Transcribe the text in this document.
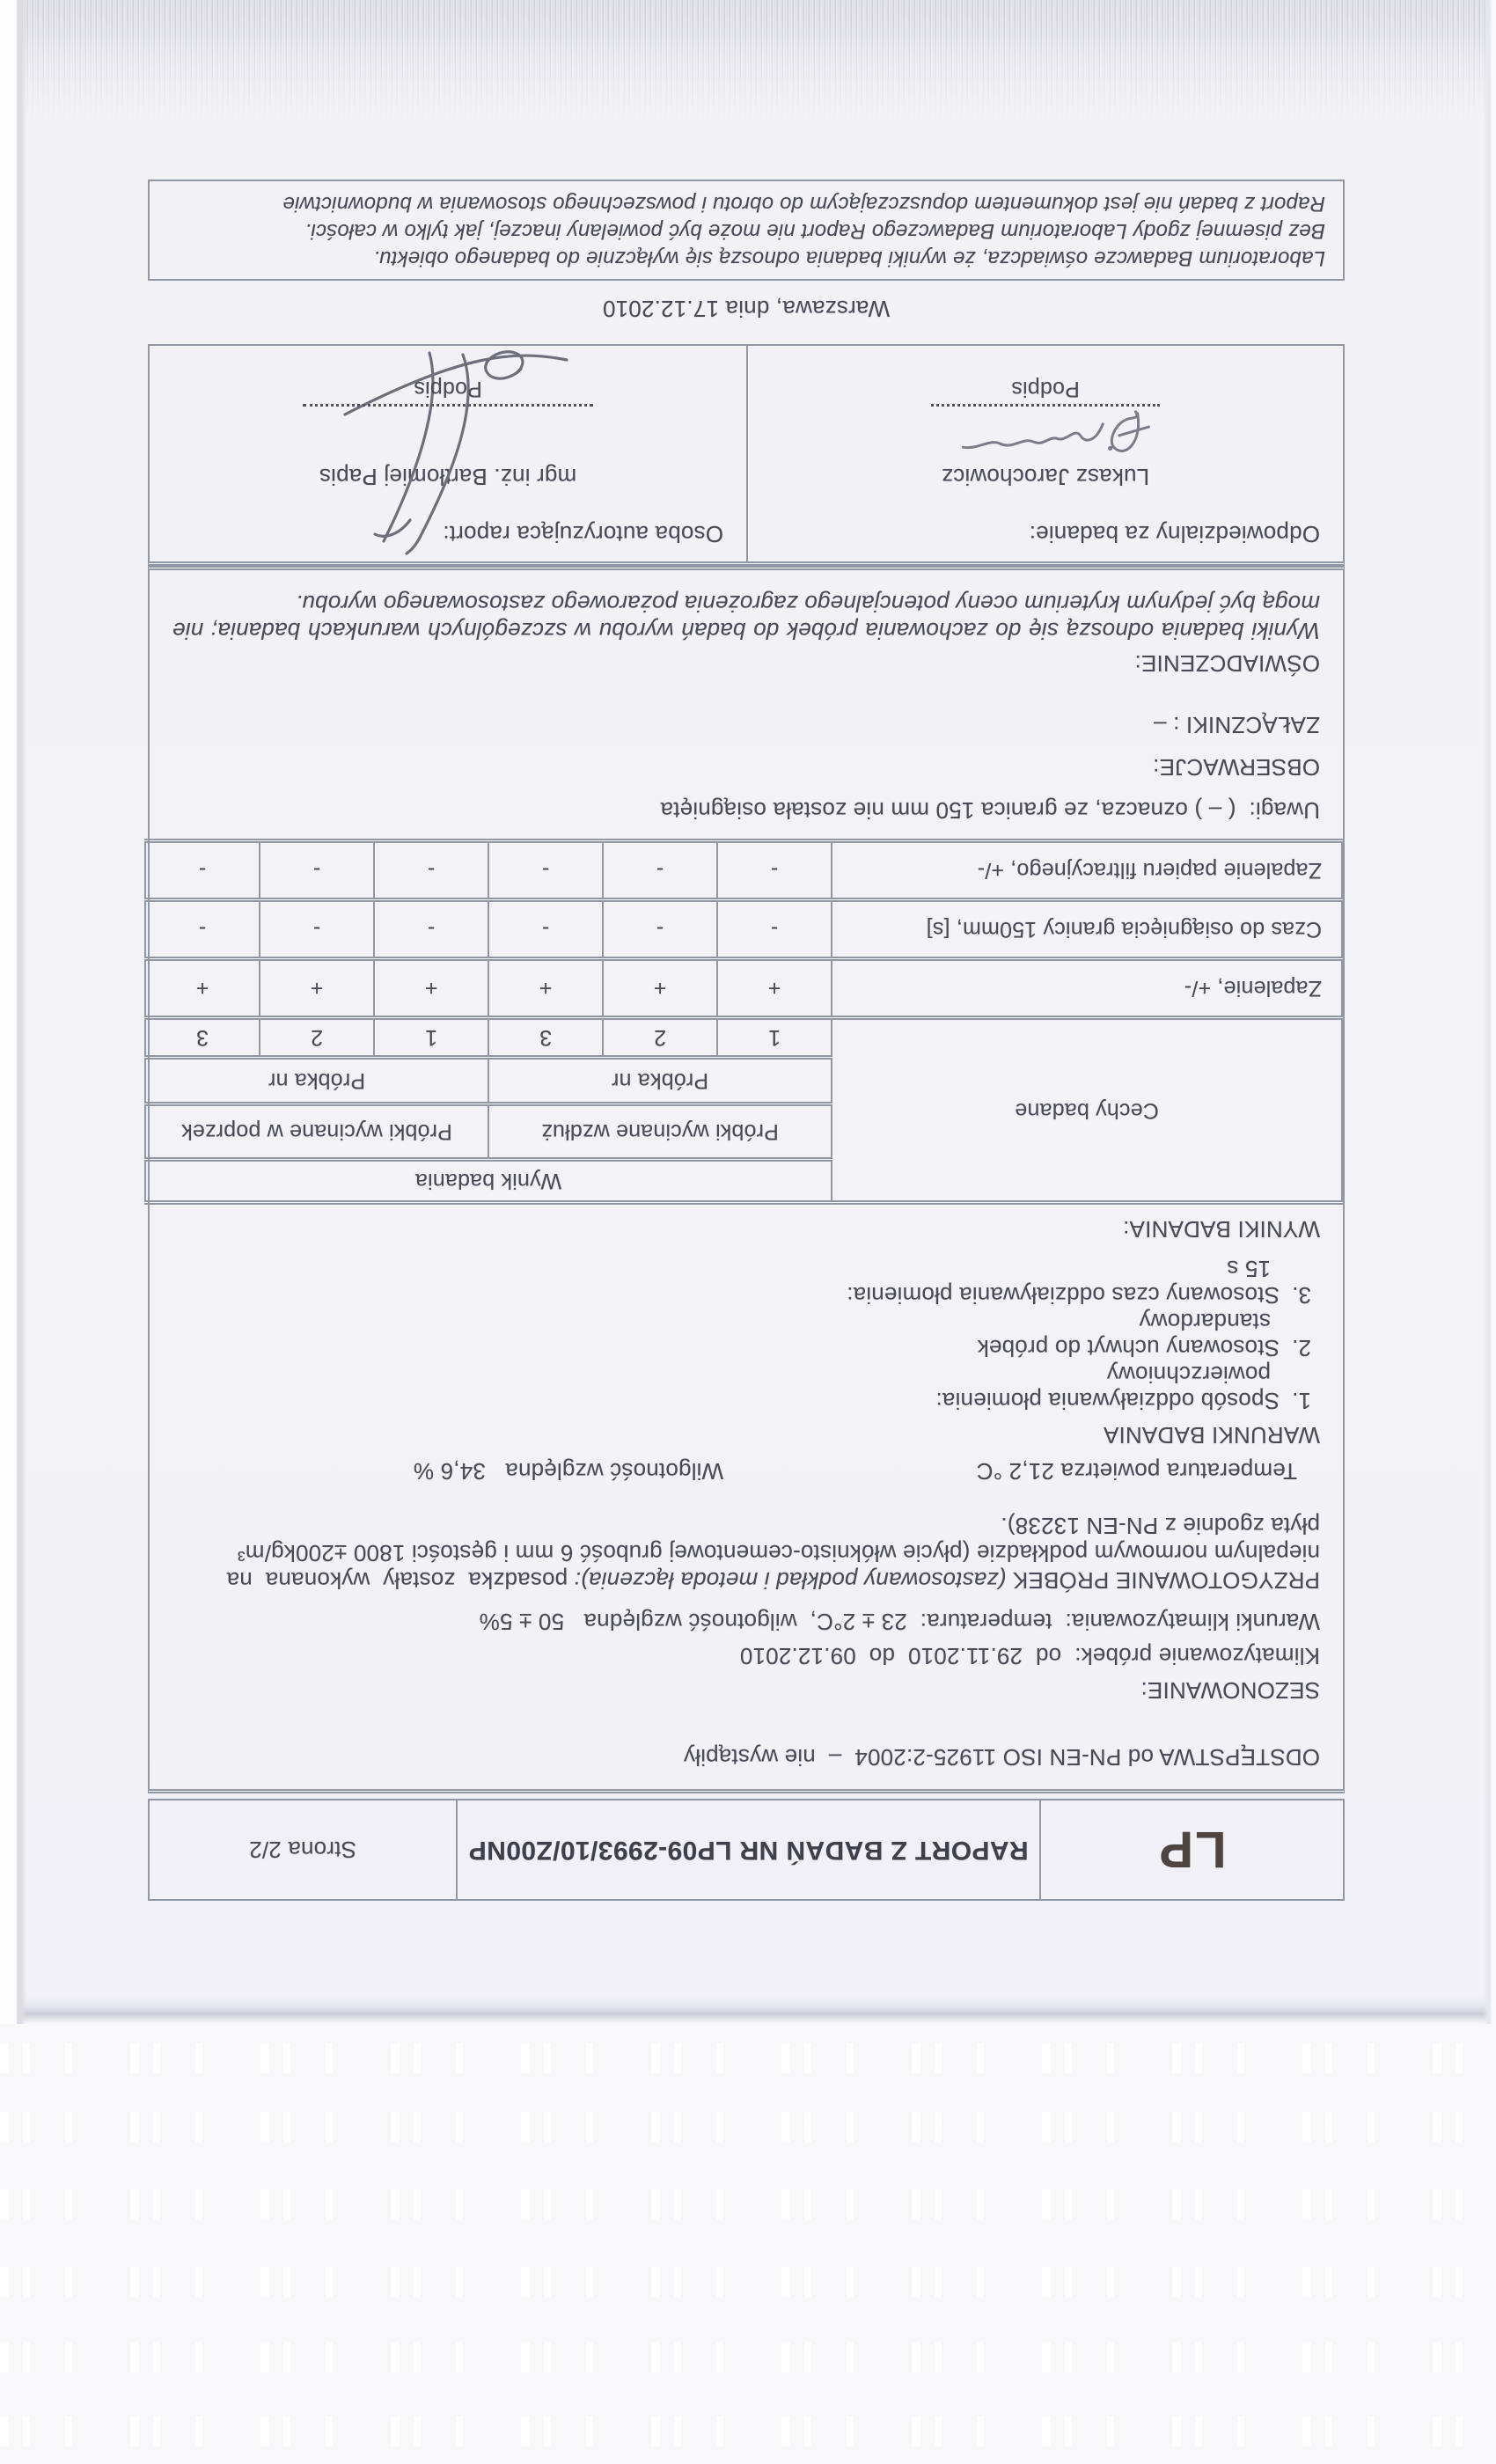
LP
RAPORT Z BADAŃ NR LP09-2993/10/Z00NP
Strona 2/2
ODSTĘPSTWA od PN-EN ISO 11925-2:2004  –  nie wystąpiły
SEZONOWANIE:
Klimatyzowanie próbek:  od  29.11.2010  do  09.12.2010
Warunki klimatyzowania:  temperatura:  23 ± 2°C,  wilgotność względna   50 ± 5%
PRZYGOTOWANIE PRÓBEK (zastosowany podkład i metoda łączenia): posadzka  zostały  wykonana  na
niepalnym normowym podkładzie (płycie włóknisto-cementowej grubość 6 mm i gęstości 1800 ±200kg/m³
płyta zgodnie z PN-EN 13238).
Temperatura powietrza 21,2 °C
Wilgotność względna   34,6 %
WARUNKI BADANIA
1.
Sposób oddziaływania płomienia:
powierzchniowy
2.
Stosowany uchwyt do próbek
standardowy
3.
Stosowany czas oddziaływania płomienia:
15 s
WYNIKI BADANIA:
Cechy badane	Wynik badania					
	Próbki wycinane wzdłuż			Próbki wycinane w poprzek		
	Próbka nr			Próbka nr		
	1	2	3	1	2	3
Zapalenie, +/-	+	+	+	+	+	+
Czas do osiągnięcia granicy 150mm, [s]	-	-	-	-	-	-
Zapalenie papieru filtracyjnego, +/-	-	-	-	-	-	-
Uwagi:  ( – ) oznacza, ze granica 150 mm nie została osiągnięta
OBSERWACJE:
ZAŁĄCZNIKI : –
OŚWIADCZENIE:
Wyniki badania odnoszą się do zachowania próbek do badań wyrobu w szczególnych warunkach badania; nie mogą być jedynym kryterium oceny potencjalnego zagrożenia pożarowego zastosowanego wyrobu.
Odpowiedzialny za badanie:
Lukasz Jarochowicz
Podpis
Osoba autoryzująca raport:
mgr inż. Bartłomiej Papis
Podpis
Warszawa, dnia 17.12.2010
Laboratorium Badawcze oświadcza, że wyniki badania odnoszą się wyłącznie do badanego obiektu.
Bez pisemnej zgody Laboratorium Badawczego Raport nie może być powielany inaczej, jak tylko w całości.
Raport z badań nie jest dokumentem dopuszczającym do obrotu i powszechnego stosowania w budownictwie
